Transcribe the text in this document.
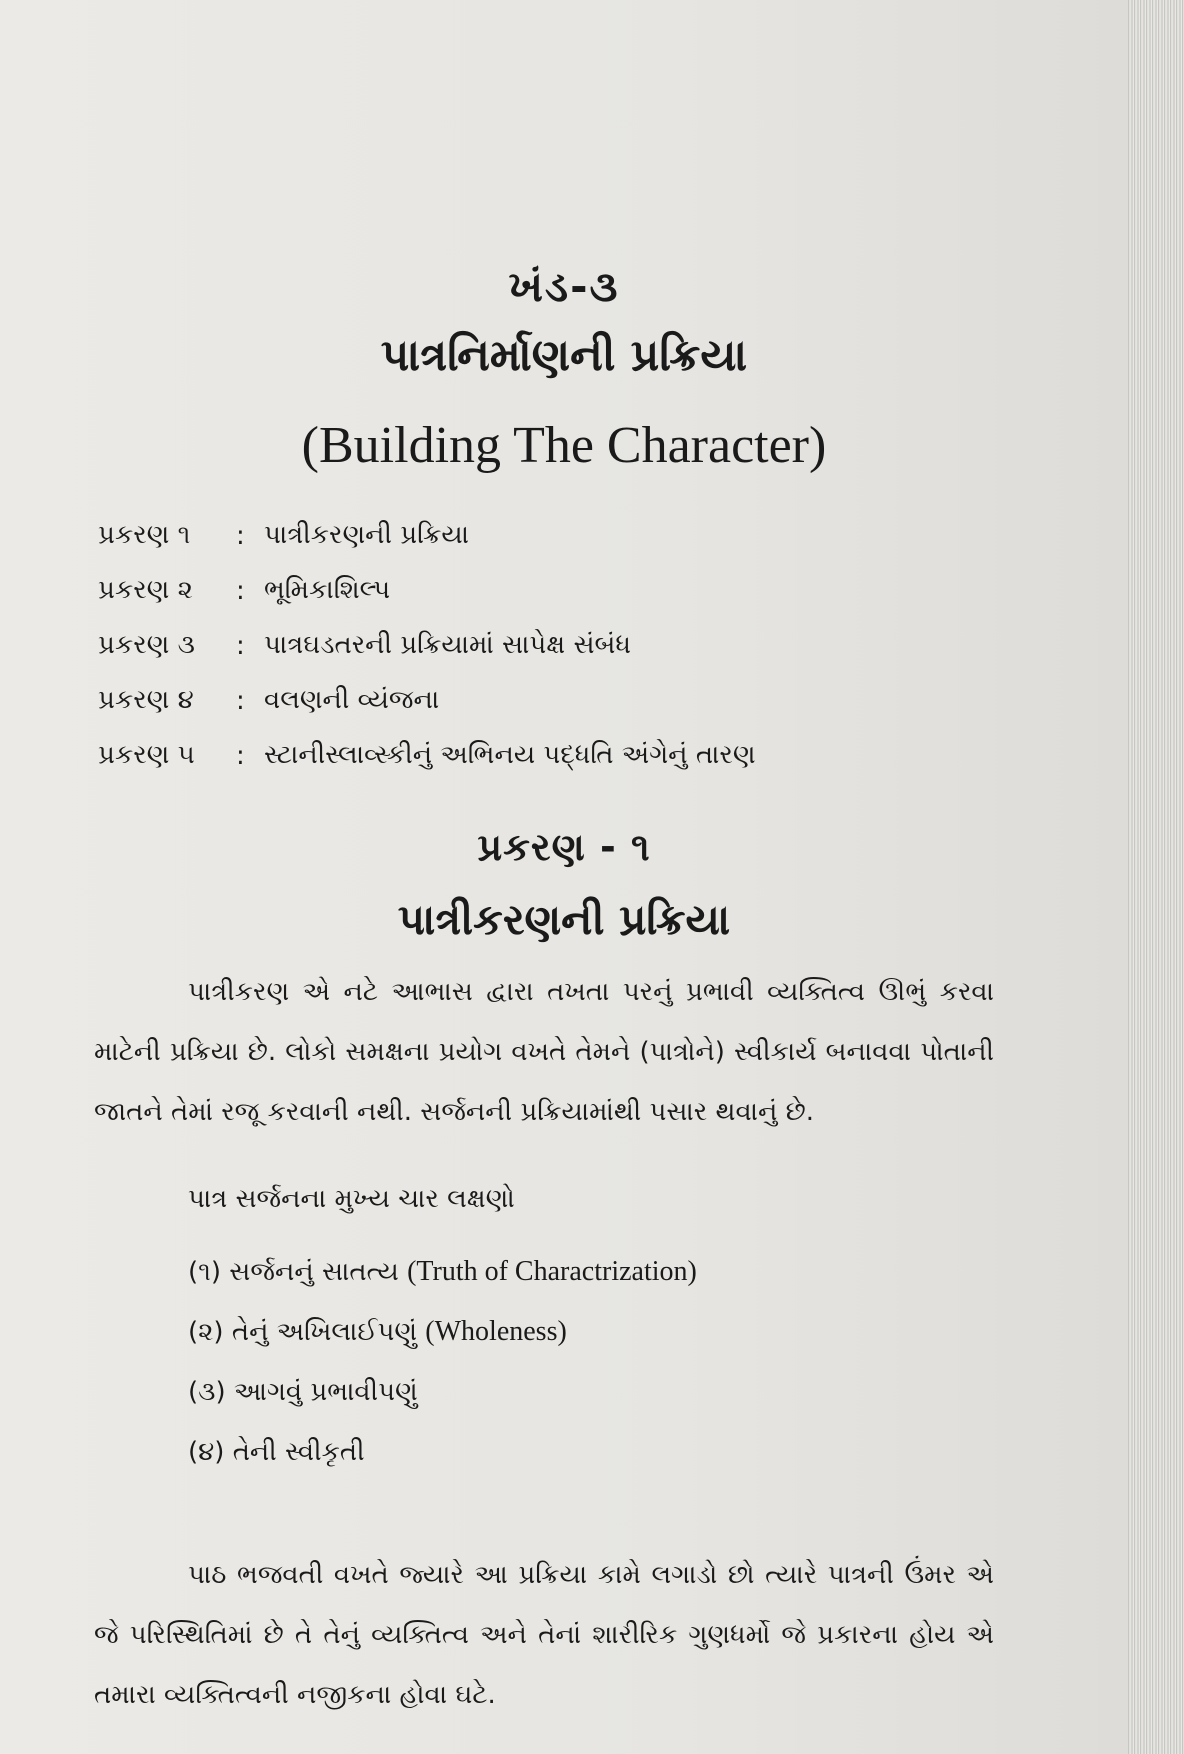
ખંડ-૩
પાત્રનિર્માણની પ્રક્રિયા
(Building The Character)
પ્રકરણ ૧	: પાત્રીકરણની પ્રક્રિયા
પ્રકરણ ૨	: ભૂમિકાશિલ્પ
પ્રકરણ ૩	: પાત્રઘડતરની પ્રક્રિયામાં સાપેક્ષ સંબંધ
પ્રકરણ ૪	: વલણની વ્યંજના
પ્રકરણ ૫	: સ્ટાનીસ્લાવ્સ્કીનું અભિનય પદ્ધતિ અંગેનું તારણ
પ્રકરણ - ૧
પાત્રીકરણની પ્રક્રિયા

પાત્રીકરણ એ નટે આભાસ દ્વારા તખતા પરનું પ્રભાવી વ્યક્તિત્વ ઊભું કરવા માટેની પ્રક્રિયા છે. લોકો સમક્ષના પ્રયોગ વખતે તેમને (પાત્રોને) સ્વીકાર્ય બનાવવા પોતાની જાતને તેમાં રજૂ કરવાની નથી. સર્જનની પ્રક્રિયામાંથી પસાર થવાનું છે.

પાત્ર સર્જનના મુખ્ય ચાર લક્ષણો
(૧)
સર્જનનું સાતત્ય
(Truth of Charactrization)
(૨)
તેનું અખિલાઈપણું
(Wholeness)
(૩)
આગવું પ્રભાવીપણું
(૪)
તેની સ્વીકૃતી

પાઠ ભજવતી વખતે જ્યારે આ પ્રક્રિયા કામે લગાડો છો ત્યારે પાત્રની ઉંમર એ જે પરિસ્થિતિમાં છે તે તેનું વ્યક્તિત્વ અને તેનાં શારીરિક ગુણધર્મો જે પ્રકારના હોય એ તમારા વ્યક્તિત્વની નજીકના હોવા ઘટે.
